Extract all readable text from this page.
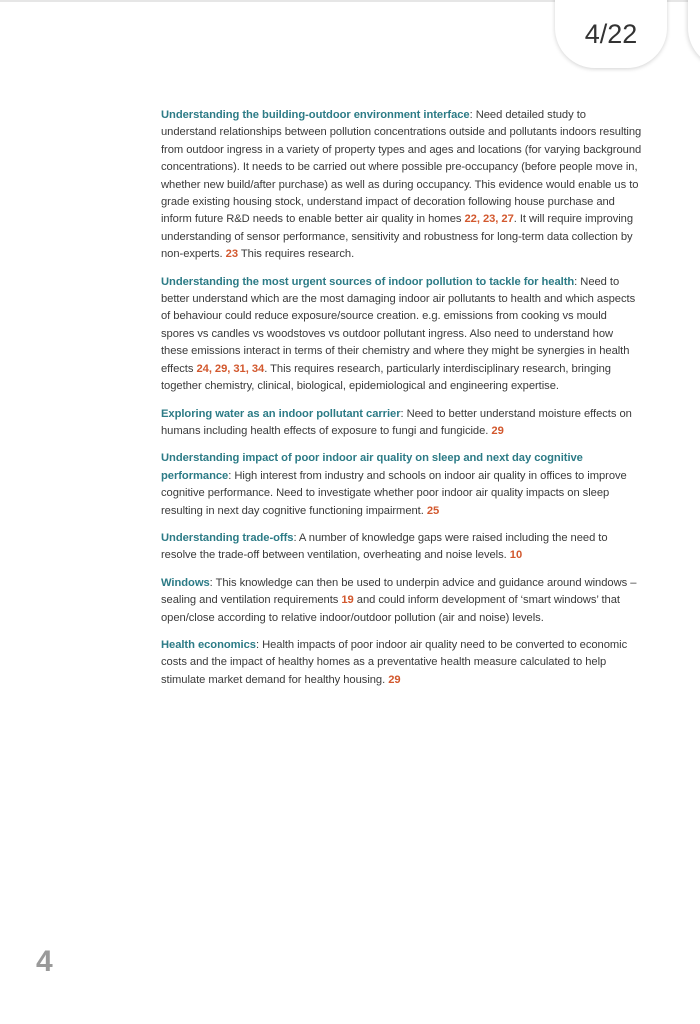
4/22

Understanding the building-outdoor environment interface: Need detailed study to understand relationships between pollution concentrations outside and pollutants indoors resulting from outdoor ingress in a variety of property types and ages and locations (for varying background concentrations). It needs to be carried out where possible pre-occupancy (before people move in, whether new build/after purchase) as well as during occupancy. This evidence would enable us to grade existing housing stock, understand impact of decoration following house purchase and inform future R&D needs to enable better air quality in homes 22, 23, 27. It will require improving understanding of sensor performance, sensitivity and robustness for long-term data collection by non-experts. 23 This requires research.

Understanding the most urgent sources of indoor pollution to tackle for health: Need to better understand which are the most damaging indoor air pollutants to health and which aspects of behaviour could reduce exposure/source creation. e.g. emissions from cooking vs mould spores vs candles vs woodstoves vs outdoor pollutant ingress. Also need to understand how these emissions interact in terms of their chemistry and where they might be synergies in health effects 24, 29, 31, 34. This requires research, particularly interdisciplinary research, bringing together chemistry, clinical, biological, epidemiological and engineering expertise.

Exploring water as an indoor pollutant carrier: Need to better understand moisture effects on humans including health effects of exposure to fungi and fungicide. 29

Understanding impact of poor indoor air quality on sleep and next day cognitive performance: High interest from industry and schools on indoor air quality in offices to improve cognitive performance. Need to investigate whether poor indoor air quality impacts on sleep resulting in next day cognitive functioning impairment. 25

Understanding trade-offs: A number of knowledge gaps were raised including the need to resolve the trade-off between ventilation, overheating and noise levels. 10

Windows: This knowledge can then be used to underpin advice and guidance around windows – sealing and ventilation requirements 19 and could inform development of ‘smart windows’ that open/close according to relative indoor/outdoor pollution (air and noise) levels.

Health economics: Health impacts of poor indoor air quality need to be converted to economic costs and the impact of healthy homes as a preventative health measure calculated to help stimulate market demand for healthy housing. 29

4
